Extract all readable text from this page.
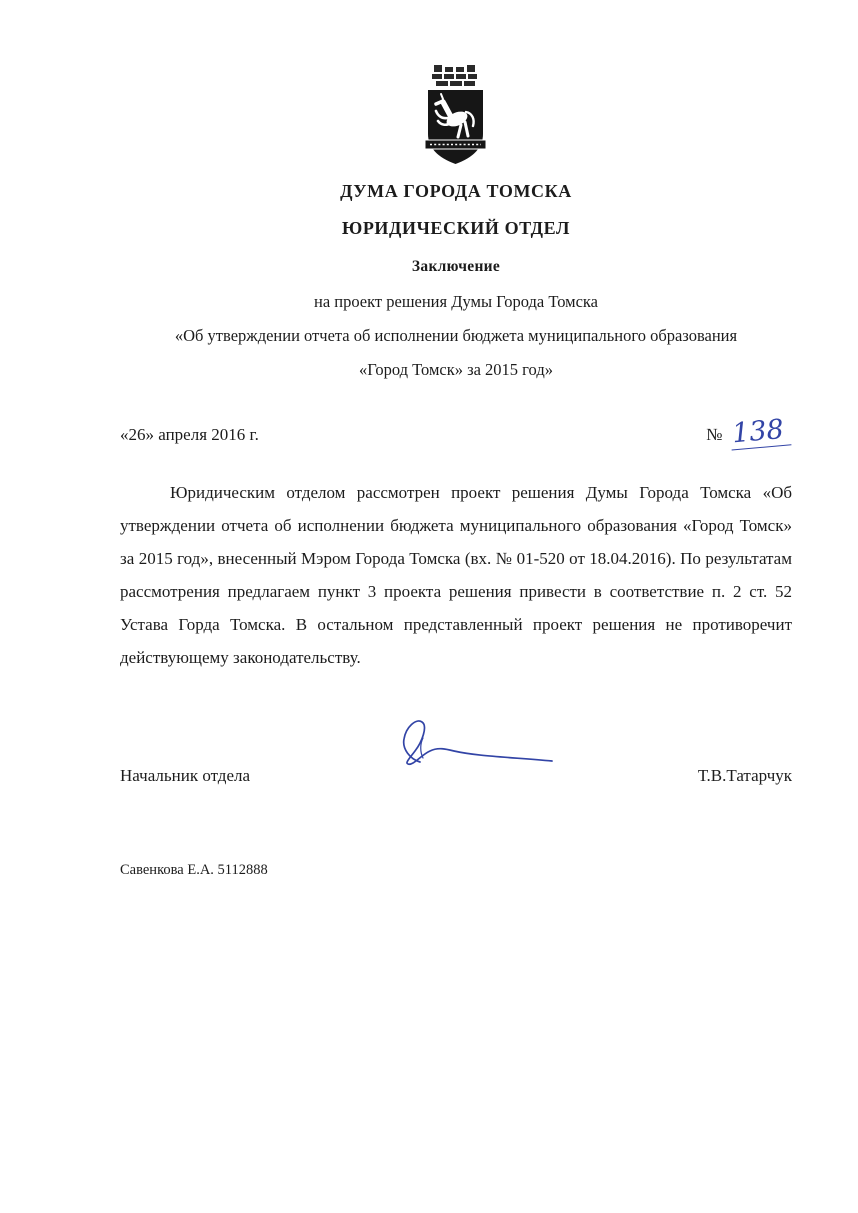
ДУМА ГОРОДА ТОМСКА
ЮРИДИЧЕСКИЙ ОТДЕЛ
Заключение
на проект решения Думы Города Томска
«Об утверждении отчета об исполнении бюджета муниципального образования
«Город Томск» за 2015 год»
«26» апреля 2016 г.	№ 138

Юридическим отделом рассмотрен проект решения Думы Города Томска «Об утверждении отчета об исполнении бюджета муниципального образования «Город Томск» за 2015 год», внесенный Мэром Города Томска (вх. № 01-520 от 18.04.2016). По результатам рассмотрения предлагаем пункт 3 проекта решения привести в соответствие п. 2 ст. 52 Устава Горда Томска. В остальном представленный проект решения не противоречит действующему законодательству.

Начальник отдела	Т.В.Татарчук
Савенкова Е.А. 5112888
